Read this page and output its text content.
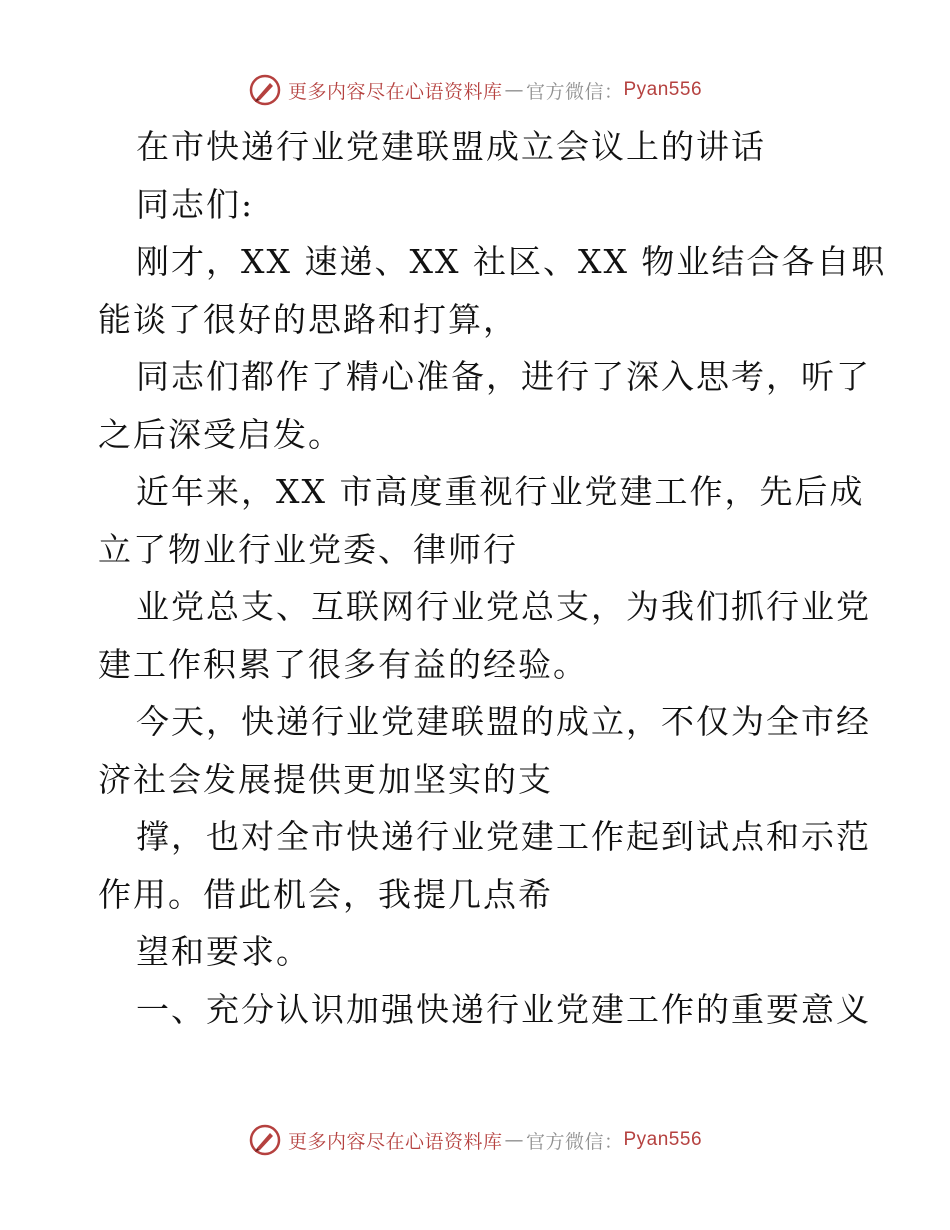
更多内容尽在心语资料库 — 官方微信： Pyan556

在市快递行业党建联盟成立会议上的讲话

同志们:

刚才，XX 速递、XX 社区、XX 物业结合各自职

能谈了很好的思路和打算，

同志们都作了精心准备，进行了深入思考，听了

之后深受启发。

近年来，XX 市高度重视行业党建工作，先后成

立了物业行业党委、律师行

业党总支、互联网行业党总支，为我们抓行业党

建工作积累了很多有益的经验。

今天，快递行业党建联盟的成立，不仅为全市经

济社会发展提供更加坚实的支

撑，也对全市快递行业党建工作起到试点和示范

作用。借此机会，我提几点希

望和要求。

一、充分认识加强快递行业党建工作的重要意义

更多内容尽在心语资料库 — 官方微信： Pyan556
